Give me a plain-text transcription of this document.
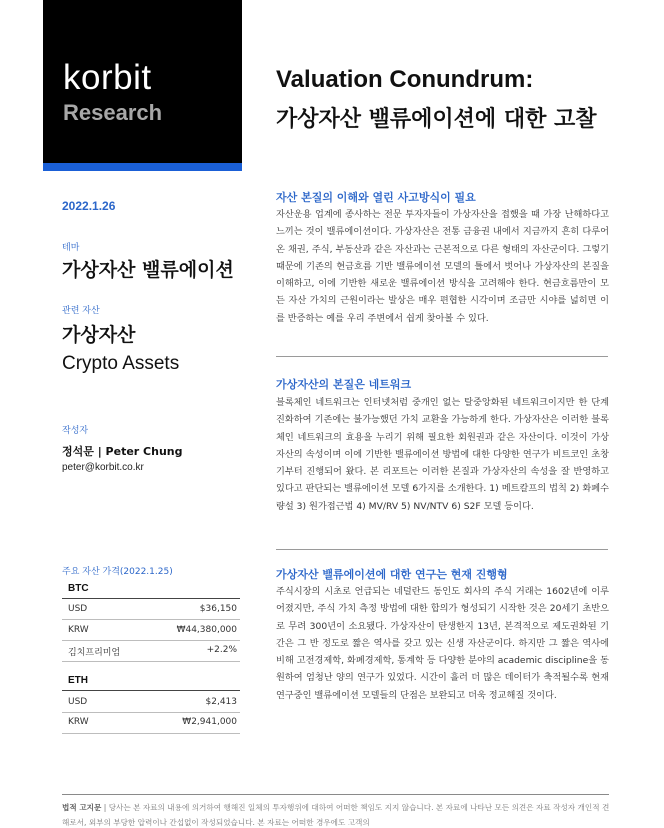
korbit
Research
2022.1.26
테마
가상자산 밸류에이션
관련 자산
가상자산
Crypto Assets
작성자
정석문 | Peter Chung
peter@korbit.co.kr
주요 자산 가격(2022.1.25)
BTC
USD	$36,150
KRW	₩44,380,000
김치프리미엄	+2.2%
ETH
USD	$2,413
KRW	₩2,941,000
Valuation Conundrum:
가상자산 밸류에이션에 대한 고찰
자산 본질의 이해와 열린 사고방식이 필요
자산운용 업계에 종사하는 전문 투자자들이 가상자산을 접했을 때 가장 난해하다고 느끼는 것이 밸류에이션이다. 가상자산은 전통 금융권 내에서 지금까지 흔히 다루어온 채권, 주식, 부동산과 같은 자산과는 근본적으로 다른 형태의 자산군이다. 그렇기 때문에 기존의 현금흐름 기반 밸류에이션 모델의 틀에서 벗어나 가상자산의 본질을 이해하고, 이에 기반한 새로운 밸류에이션 방식을 고려해야 한다. 현금흐름만이 모든 자산 가치의 근원이라는 발상은 매우 편협한 시각이며 조금만 시야를 넓히면 이를 반증하는 예를 우리 주변에서 쉽게 찾아볼 수 있다.
가상자산의 본질은 네트워크
블록체인 네트워크는 인터넷처럼 중개인 없는 탈중앙화된 네트워크이지만 한 단계 진화하여 기존에는 불가능했던 가치 교환을 가능하게 한다. 가상자산은 이러한 블록체인 네트워크의 효용을 누리기 위해 필요한 회원권과 같은 자산이다. 이것이 가상자산의 속성이며 이에 기반한 밸류에이션 방법에 대한 다양한 연구가 비트코인 초창기부터 진행되어 왔다. 본 리포트는 이러한 본질과 가상자산의 속성을 잘 반영하고 있다고 판단되는 밸류에이션 모델 6가지를 소개한다. 1) 메트칼프의 법칙 2) 화폐수량설 3) 원가접근법 4) MV/RV 5) NV/NTV 6) S2F 모델 등이다.
가상자산 밸류에이션에 대한 연구는 현재 진행형
주식시장의 시초로 언급되는 네덜란드 동인도 회사의 주식 거래는 1602년에 이루어졌지만, 주식 가치 측정 방법에 대한 합의가 형성되기 시작한 것은 20세기 초반으로 무려 300년이 소요됐다. 가상자산이 탄생한지 13년, 본격적으로 제도권화된 기간은 그 반 정도로 짧은 역사를 갖고 있는 신생 자산군이다. 하지만 그 짧은 역사에 비해 고전경제학, 화폐경제학, 통계학 등 다양한 분야의 academic discipline을 동원하여 엄청난 양의 연구가 있었다. 시간이 흘러 더 많은 데이터가 축적될수록 현재 연구중인 밸류에이션 모델들의 단점은 보완되고 더욱 정교해질 것이다.
법적 고지문 | 당사는 본 자료의 내용에 의거하여 행해진 일체의 투자행위에 대하여 어떠한 책임도 지지 않습니다. 본 자료에 나타난 모든 의견은 자료 작성자 개인적 견해로서, 외부의 부당한 압력이나 간섭없이 작성되었습니다. 본 자료는 어떠한 경우에도 고객의
